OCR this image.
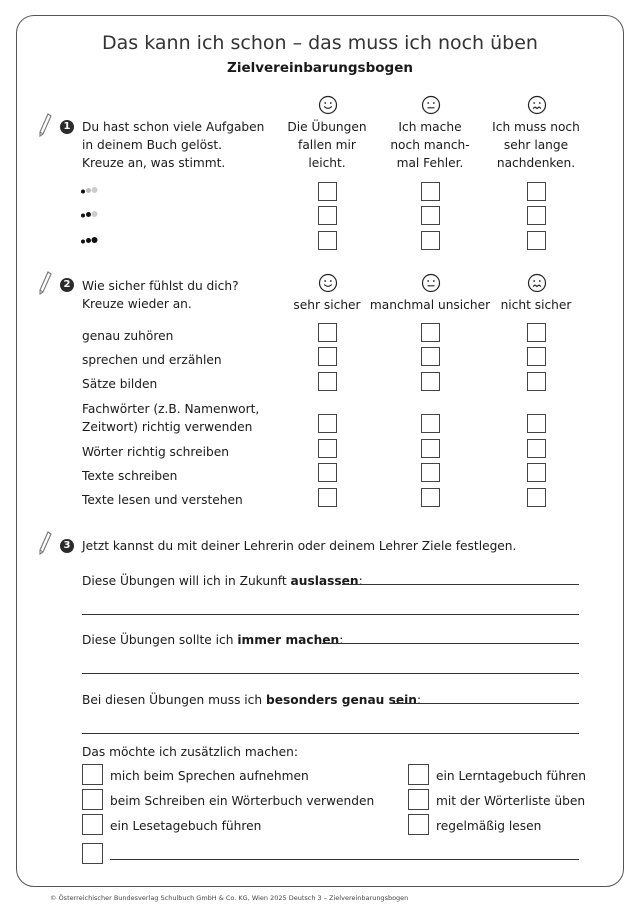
Das kann ich schon – das muss ich noch üben
Zielvereinbarungsbogen
1 Du hast schon viele Aufgaben
in deinem Buch gelöst.
Kreuze an, was stimmt.
Die Übungen
fallen mir
leicht.
Ich mache
noch manch-
mal Fehler.
Ich muss noch
sehr lange
nachdenken.
2 Wie sicher fühlst du dich?
Kreuze wieder an.	sehr sicher manchmal unsicher nicht sicher
genau zuhören
sprechen und erzählen
Sätze bilden
Fachwörter (z.B. Namenwort,
Zeitwort) richtig verwenden
Wörter richtig schreiben
Texte schreiben
Texte lesen und verstehen
3 Jetzt kannst du mit deiner Lehrerin oder deinem Lehrer Ziele festlegen.
Diese Übungen will ich in Zukunft auslassen:
Diese Übungen sollte ich immer machen:
Bei diesen Übungen muss ich besonders genau sein:
Das möchte ich zusätzlich machen:
mich beim Sprechen aufnehmen
beim Schreiben ein Wörterbuch verwenden
ein Lesetagebuch führen
ein Lerntagebuch führen
mit der Wörterliste üben
regelmäßig lesen
© Österreichischer Bundesverlag Schulbuch GmbH & Co. KG, Wien 2025 Deutsch 3 – Zielvereinbarungsbogen
